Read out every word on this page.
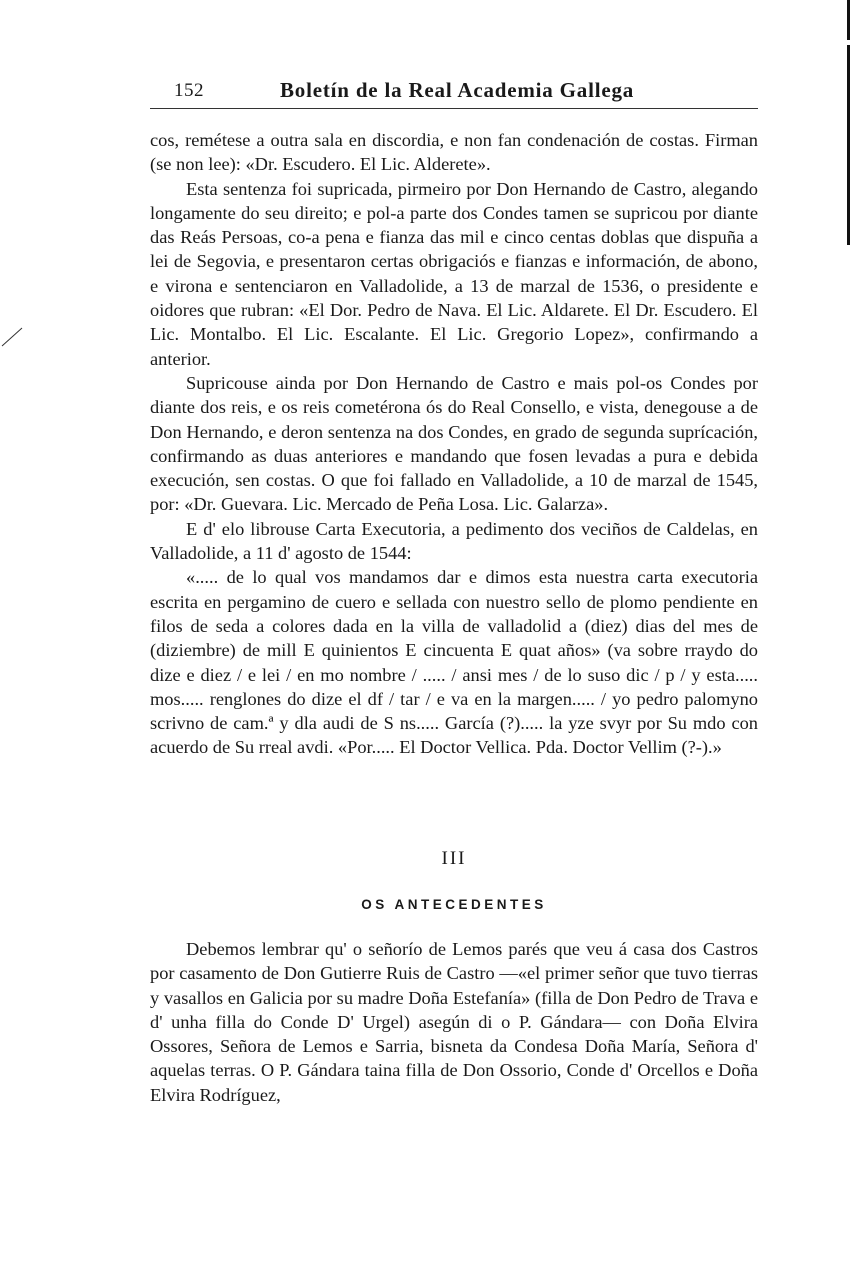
152	Boletín de la Real Academia Gallega

cos, remétese a outra sala en discordia, e non fan condenación de costas. Firman (se non lee): «Dr. Escudero. El Lic. Alderete».

Esta sentenza foi supricada, pirmeiro por Don Hernando de Castro, alegando longamente do seu direito; e pol-a parte dos Condes tamen se supricou por diante das Reás Persoas, co-a pena e fianza das mil e cinco centas doblas que dispuña a lei de Segovia, e presentaron certas obrigaciós e fianzas e información, de abono, e virona e sentenciaron en Valladolide, a 13 de marzal de 1536, o presidente e oidores que rubran: «El Dor. Pedro de Nava. El Lic. Aldarete. El Dr. Escudero. El Lic. Montalbo. El Lic. Escalante. El Lic. Gregorio Lopez», confirmando a anterior.

Supricouse ainda por Don Hernando de Castro e mais pol-os Condes por diante dos reis, e os reis cometérona ós do Real Consello, e vista, denegouse a de Don Hernando, e deron sentenza na dos Condes, en grado de segunda suprícación, confirmando as duas anteriores e mandando que fosen levadas a pura e debida execución, sen costas. O que foi fallado en Valladolide, a 10 de marzal de 1545, por: «Dr. Guevara. Lic. Mercado de Peña Losa. Lic. Galarza».

E d' elo librouse Carta Executoria, a pedimento dos veciños de Caldelas, en Valladolide, a 11 d' agosto de 1544:

«..... de lo qual vos mandamos dar e dimos esta nuestra carta executoria escrita en pergamino de cuero e sellada con nuestro sello de plomo pendiente en filos de seda a colores dada en la villa de valladolid a (diez) dias del mes de (diziembre) de mill E quinientos E cincuenta E quat años» (va sobre rraydo do dize e diez / e lei / en mo nombre / ..... / ansi mes / de lo suso dic / p / y esta..... mos..... renglones do dize el df / tar / e va en la margen..... / yo pedro palomyno scrivno de cam.ª y dla audi de S ns..... García (?)..... la yze svyr por Su mdo con acuerdo de Su rreal avdi. «Por..... El Doctor Vellica. Pda. Doctor Vellim (?-).»

III
OS ANTECEDENTES

Debemos lembrar qu' o señorío de Lemos parés que veu á casa dos Castros por casamento de Don Gutierre Ruis de Castro —«el primer señor que tuvo tierras y vasallos en Galicia por su madre Doña Estefanía» (filla de Don Pedro de Trava e d' unha filla do Conde D' Urgel) asegún di o P. Gándara— con Doña Elvira Ossores, Señora de Lemos e Sarria, bisneta da Condesa Doña María, Señora d' aquelas terras. O P. Gándara taina filla de Don Ossorio, Conde d' Orcellos e Doña Elvira Rodríguez,
